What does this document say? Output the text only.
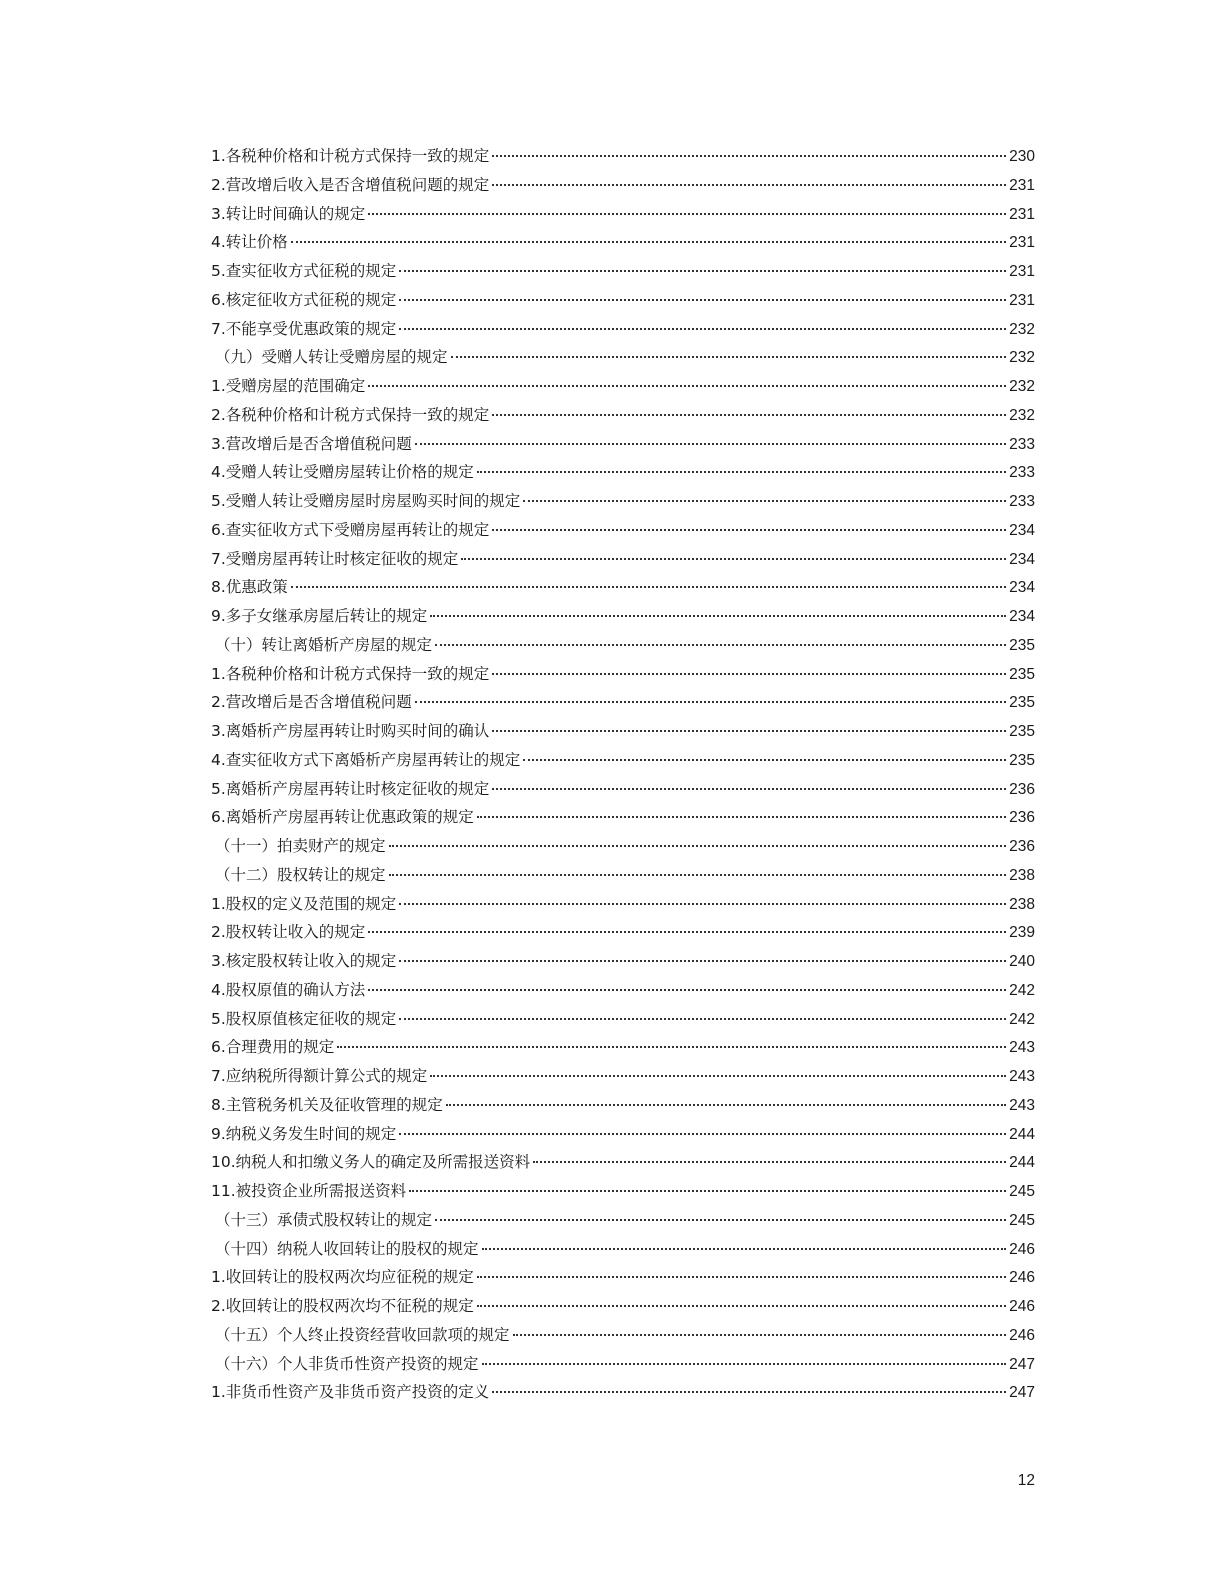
1.各税种价格和计税方式保持一致的规定	230
2.营改增后收入是否含增值税问题的规定	231
3.转让时间确认的规定	231
4.转让价格	231
5.查实征收方式征税的规定	231
6.核定征收方式征税的规定	231
7.不能享受优惠政策的规定	232
（九）受赠人转让受赠房屋的规定	232
1.受赠房屋的范围确定	232
2.各税种价格和计税方式保持一致的规定	232
3.营改增后是否含增值税问题	233
4.受赠人转让受赠房屋转让价格的规定	233
5.受赠人转让受赠房屋时房屋购买时间的规定	233
6.查实征收方式下受赠房屋再转让的规定	234
7.受赠房屋再转让时核定征收的规定	234
8.优惠政策	234
9.多子女继承房屋后转让的规定	234
（十）转让离婚析产房屋的规定	235
1.各税种价格和计税方式保持一致的规定	235
2.营改增后是否含增值税问题	235
3.离婚析产房屋再转让时购买时间的确认	235
4.查实征收方式下离婚析产房屋再转让的规定	235
5.离婚析产房屋再转让时核定征收的规定	236
6.离婚析产房屋再转让优惠政策的规定	236
（十一）拍卖财产的规定	236
（十二）股权转让的规定	238
1.股权的定义及范围的规定	238
2.股权转让收入的规定	239
3.核定股权转让收入的规定	240
4.股权原值的确认方法	242
5.股权原值核定征收的规定	242
6.合理费用的规定	243
7.应纳税所得额计算公式的规定	243
8.主管税务机关及征收管理的规定	243
9.纳税义务发生时间的规定	244
10.纳税人和扣缴义务人的确定及所需报送资料	244
11.被投资企业所需报送资料	245
（十三）承债式股权转让的规定	245
（十四）纳税人收回转让的股权的规定	246
1.收回转让的股权两次均应征税的规定	246
2.收回转让的股权两次均不征税的规定	246
（十五）个人终止投资经营收回款项的规定	246
（十六）个人非货币性资产投资的规定	247
1.非货币性资产及非货币资产投资的定义	247
12
